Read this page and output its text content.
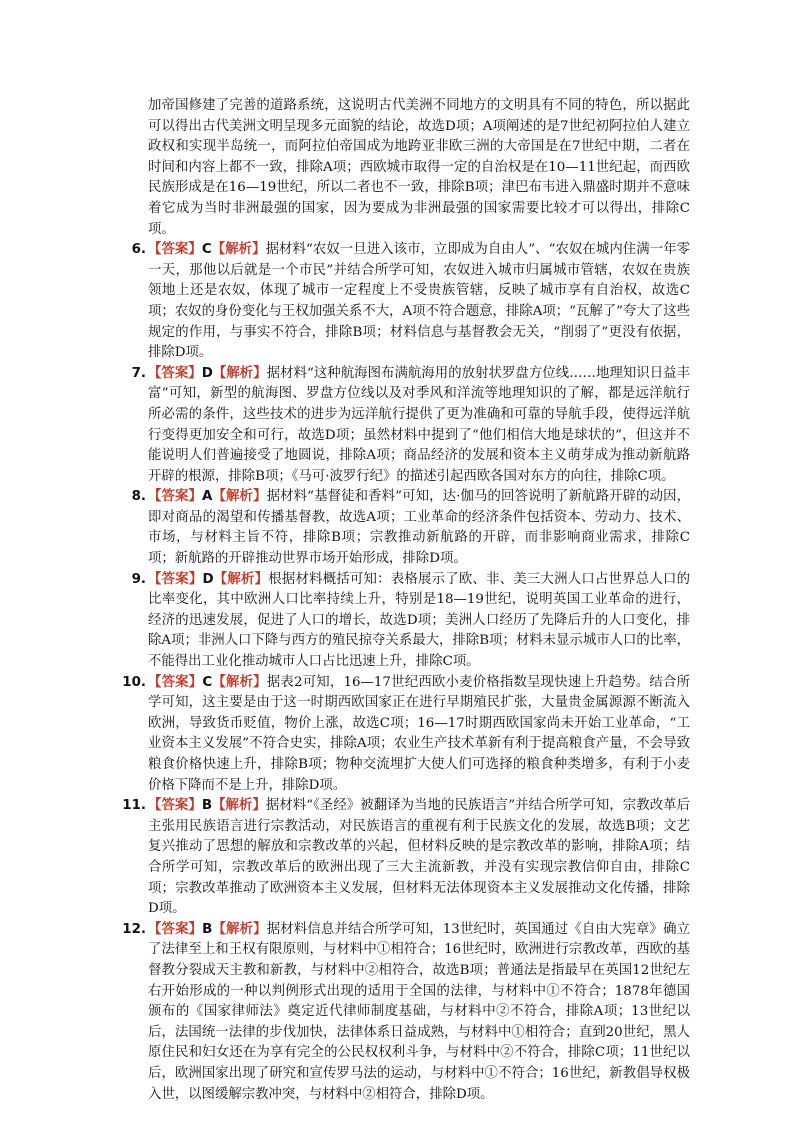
加帝国修建了完善的道路系统，这说明古代美洲不同地方的文明具有不同的特色，所以据此可以得出古代美洲文明呈现多元面貌的结论，故选D项；A项阐述的是7世纪初阿拉伯人建立政权和实现半岛统一，而阿拉伯帝国成为地跨亚非欧三洲的大帝国是在7世纪中期，二者在时间和内容上都不一致，排除A项；西欧城市取得一定的自治权是在10—11世纪起，而西欧民族形成是在16—19世纪，所以二者也不一致，排除B项；津巴布韦进入鼎盛时期并不意味着它成为当时非洲最强的国家，因为要成为非洲最强的国家需要比较才可以得出，排除C项。

6. 【答案】C【解析】据材料“农奴一旦进入该市，立即成为自由人”、“农奴在城内住满一年零一天，那他以后就是一个市民”并结合所学可知，农奴进入城市归属城市管辖，农奴在贵族领地上还是农奴，体现了城市一定程度上不受贵族管辖，反映了城市享有自治权，故选C项；农奴的身份变化与王权加强关系不大，A项不符合题意，排除A项；“瓦解了”夸大了这些规定的作用，与事实不符合，排除B项；材料信息与基督教会无关，“削弱了”更没有依据，排除D项。
7. 【答案】D【解析】据材料“这种航海图布满航海用的放射状罗盘方位线……地理知识日益丰富”可知，新型的航海图、罗盘方位线以及对季风和洋流等地理知识的了解，都是远洋航行所必需的条件，这些技术的进步为远洋航行提供了更为准确和可靠的导航手段，使得远洋航行变得更加安全和可行，故选D项；虽然材料中提到了“他们相信大地是球状的”，但这并不能说明人们普遍接受了地圆说，排除A项；商品经济的发展和资本主义萌芽成为推动新航路开辟的根源，排除B项；《马可·波罗行纪》的描述引起西欧各国对东方的向往，排除C项。
8. 【答案】A【解析】据材料“基督徒和香料”可知，达·伽马的回答说明了新航路开辟的动因，即对商品的渴望和传播基督教，故选A项；工业革命的经济条件包括资本、劳动力、技术、市场，与材料主旨不符，排除B项；宗教推动新航路的开辟，而非影响商业需求，排除C项；新航路的开辟推动世界市场开始形成，排除D项。
9. 【答案】D【解析】根据材料概括可知：表格展示了欧、非、美三大洲人口占世界总人口的比率变化，其中欧洲人口比率持续上升，特别是18—19世纪，说明英国工业革命的进行，经济的迅速发展，促进了人口的增长，故选D项；美洲人口经历了先降后升的人口变化，排除A项；非洲人口下降与西方的殖民掠夺关系最大，排除B项；材料未显示城市人口的比率，不能得出工业化推动城市人口占比迅速上升，排除C项。
10. 【答案】C【解析】据表2可知，16—17世纪西欧小麦价格指数呈现快速上升趋势。结合所学可知，这主要是由于这一时期西欧国家正在进行早期殖民扩张，大量贵金属源源不断流入欧洲，导致货币贬值，物价上涨，故选C项；16—17时期西欧国家尚未开始工业革命，“工业资本主义发展”不符合史实，排除A项；农业生产技术革新有利于提高粮食产量，不会导致粮食价格快速上升，排除B项；物种交流埋扩大使人们可选择的粮食种类增多，有利于小麦价格下降而不是上升，排除D项。
11. 【答案】B【解析】据材料“《圣经》被翻译为当地的民族语言”并结合所学可知，宗教改革后主张用民族语言进行宗教活动，对民族语言的重视有利于民族文化的发展，故选B项；文艺复兴推动了思想的解放和宗教改革的兴起，但材料反映的是宗教改革的影响，排除A项；结合所学可知，宗教改革后的欧洲出现了三大主流新教，并没有实现宗教信仰自由，排除C项；宗教改革推动了欧洲资本主义发展，但材料无法体现资本主义发展推动文化传播，排除D项。
12. 【答案】B【解析】据材料信息并结合所学可知，13世纪时，英国通过《自由大宪章》确立了法律至上和王权有限原则，与材料中①相符合；16世纪时，欧洲进行宗教改革，西欧的基督教分裂成天主教和新教，与材料中②相符合，故选B项；普通法是指最早在英国12世纪左右开始形成的一种以判例形式出现的适用于全国的法律，与材料中①不符合；1878年德国颁布的《国家律师法》奠定近代律师制度基础，与材料中②不符合，排除A项；13世纪以后，法国统一法律的步伐加快，法律体系日益成熟，与材料中①相符合；直到20世纪，黑人原住民和妇女还在为享有完全的公民权权利斗争，与材料中②不符合，排除C项；11世纪以后，欧洲国家出现了研究和宣传罗马法的运动，与材料中①不符合；16世纪，新教倡导权极入世，以图缓解宗教冲突，与材料中②相符合，排除D项。
